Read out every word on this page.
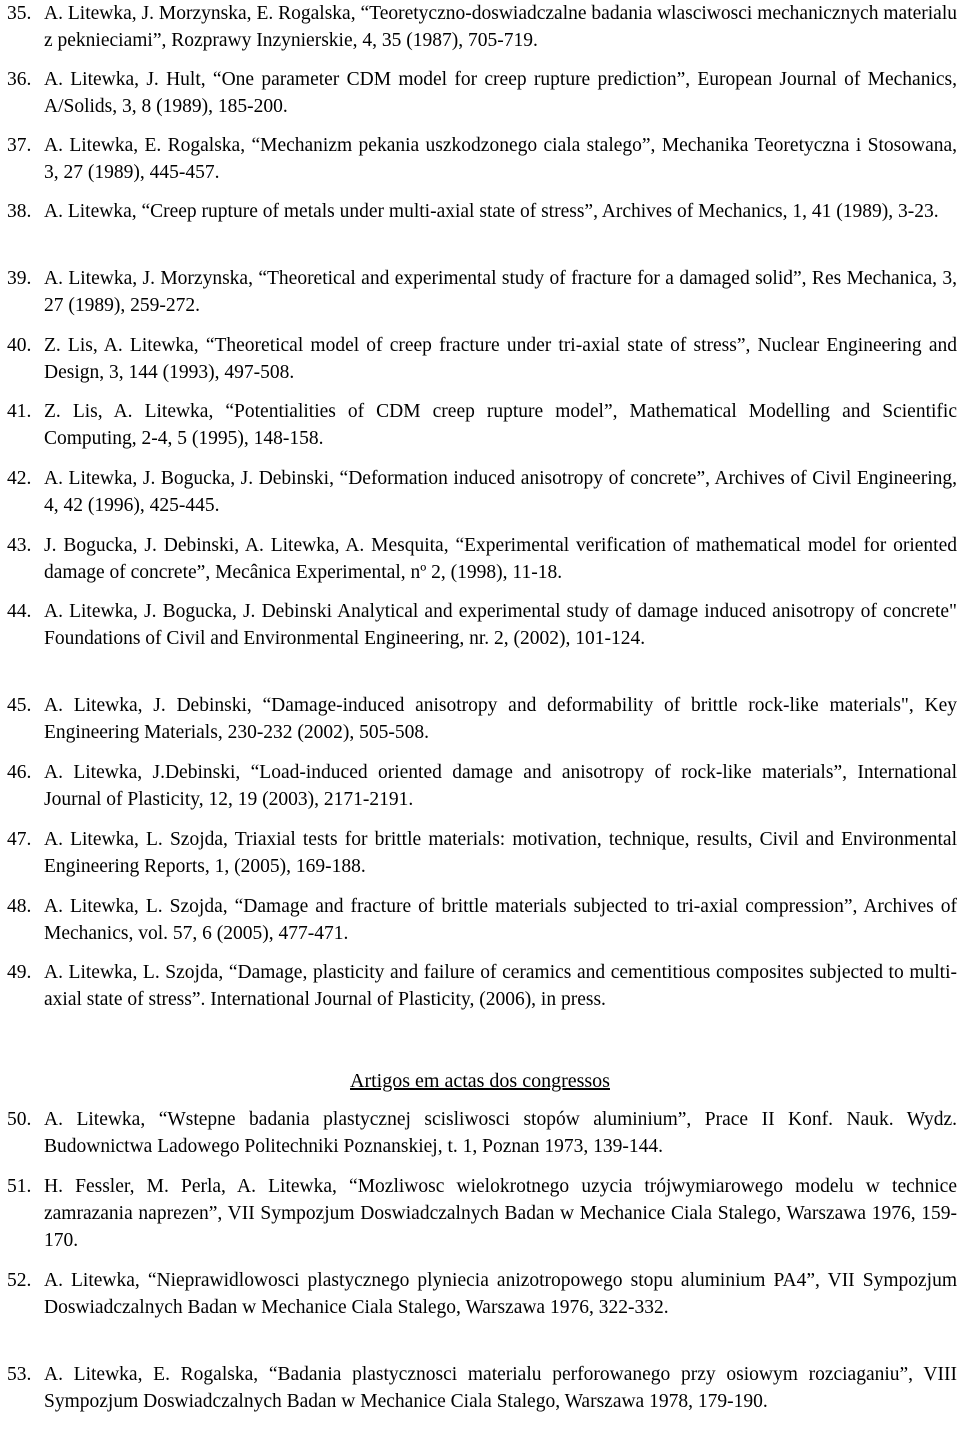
35. A. Litewka, J. Morzynska, E. Rogalska, “Teoretyczno-doswiadczalne badania wlasciwosci mechanicznych materialu z peknieciami”, Rozprawy Inzynierskie, 4, 35 (1987), 705-719.
36. A. Litewka, J. Hult, “One parameter CDM model for creep rupture prediction”, European Journal of Mechanics, A/Solids, 3, 8 (1989), 185-200.
37. A. Litewka, E. Rogalska, “Mechanizm pekania uszkodzonego ciala stalego”, Mechanika Teoretyczna i Stosowana, 3, 27 (1989), 445-457.
38. A. Litewka, “Creep rupture of metals under multi-axial state of stress”, Archives of Mechanics, 1, 41 (1989), 3-23.
39. A. Litewka, J. Morzynska, “Theoretical and experimental study of fracture for a damaged solid”, Res Mechanica, 3, 27 (1989), 259-272.
40. Z. Lis, A. Litewka, “Theoretical model of creep fracture under tri-axial state of stress”, Nuclear Engineering and Design, 3, 144 (1993), 497-508.
41. Z. Lis, A. Litewka, “Potentialities of CDM creep rupture model”, Mathematical Modelling and Scientific Computing, 2-4, 5 (1995), 148-158.
42. A. Litewka, J. Bogucka, J. Debinski, “Deformation induced anisotropy of concrete”, Archives of Civil Engineering, 4, 42 (1996), 425-445.
43. J. Bogucka, J. Debinski, A. Litewka, A. Mesquita, “Experimental verification of mathematical model for oriented damage of concrete”, Mecânica Experimental, nº 2, (1998), 11-18.
44. A. Litewka, J. Bogucka, J. Debinski Analytical and experimental study of damage induced anisotropy of concrete" Foundations of Civil and Environmental Engineering, nr. 2, (2002), 101-124.
45. A. Litewka, J. Debinski, “Damage-induced anisotropy and deformability of brittle rock-like materials", Key Engineering Materials, 230-232 (2002), 505-508.
46. A. Litewka, J.Debinski, “Load-induced oriented damage and anisotropy of rock-like materials”, International Journal of Plasticity, 12, 19 (2003), 2171-2191.
47. A. Litewka, L. Szojda, Triaxial tests for brittle materials: motivation, technique, results, Civil and Environmental Engineering Reports, 1, (2005), 169-188.
48. A. Litewka, L. Szojda, “Damage and fracture of brittle materials subjected to tri-axial compression”, Archives of Mechanics, vol. 57, 6 (2005), 477-471.
49. A. Litewka, L. Szojda, “Damage, plasticity and failure of ceramics and cementitious composites subjected to multi-axial state of stress”. International Journal of Plasticity, (2006), in press.
Artigos em actas dos congressos
50. A. Litewka, “Wstepne badania plastycznej scisliwosci stopów aluminium”, Prace II Konf. Nauk. Wydz. Budownictwa Ladowego Politechniki Poznanskiej, t. 1, Poznan 1973, 139-144.
51. H. Fessler, M. Perla, A. Litewka, “Mozliwosc wielokrotnego uzycia trójwymiarowego modelu w technice zamrazania naprezen”, VII Sympozjum Doswiadczalnych Badan w Mechanice Ciala Stalego, Warszawa 1976, 159-170.
52. A. Litewka, “Nieprawidlowosci plastycznego plyniecia anizotropowego stopu aluminium PA4”, VII Sympozjum Doswiadczalnych Badan w Mechanice Ciala Stalego, Warszawa 1976, 322-332.
53. A. Litewka, E. Rogalska, “Badania plastycznosci materialu perforowanego przy osiowym rozciaganiu”, VIII Sympozjum Doswiadczalnych Badan w Mechanice Ciala Stalego, Warszawa 1978, 179-190.
